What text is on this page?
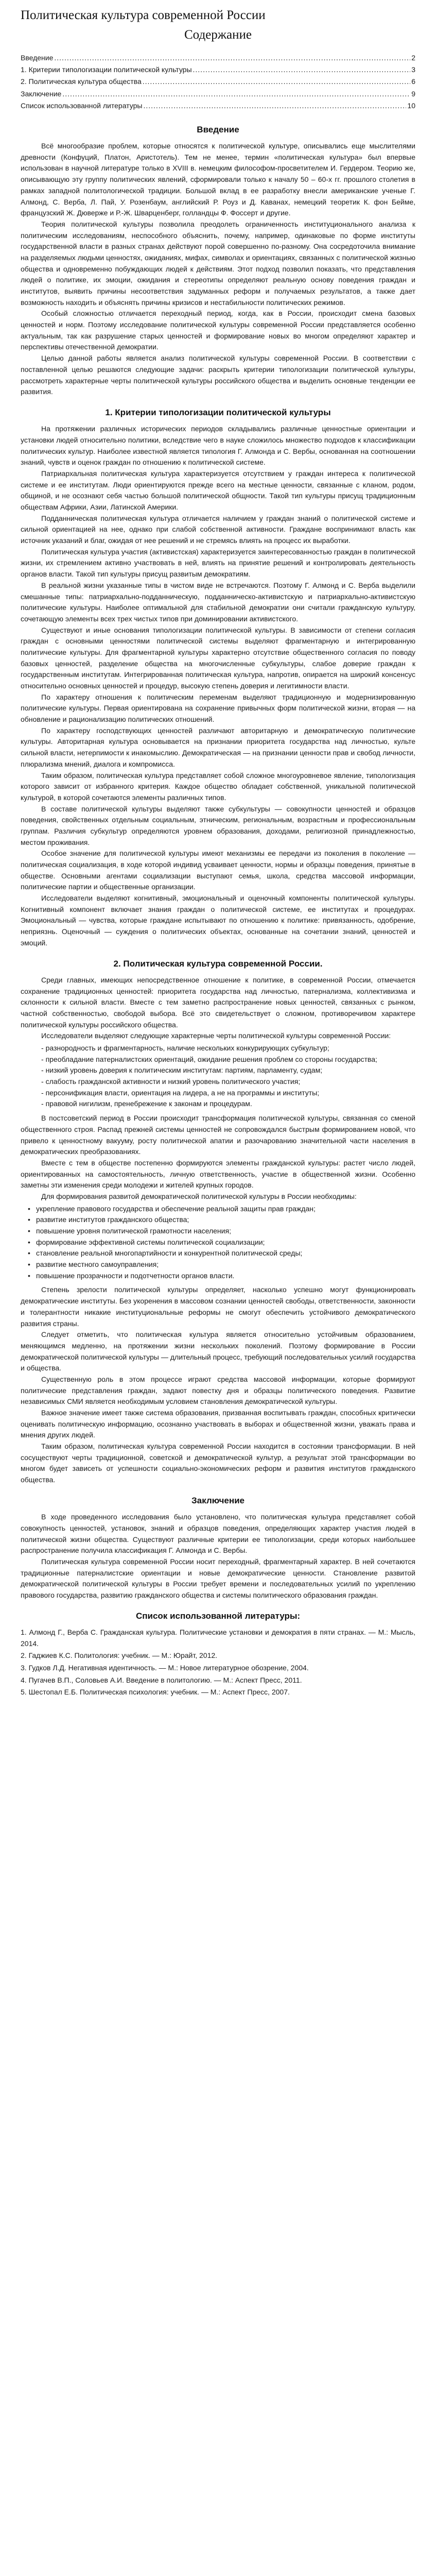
Политическая культура современной России
Содержание
Введение .....	2
1. Критерии типологизации политической культуры .....	3
2. Политическая культура общества .....	6
Заключение .....	9
Список использованной литературы .....	10
Введение

Всё многообразие проблем, которые относятся к политической культуре, описывались еще мыслителями древности (Конфуций, Платон, Аристотель). Тем не менее, термин «политическая культура» был впервые использован в научной литературе только в XVIII в. немецким философом-просветителем И. Гердером. Теорию же, описывающую эту группу политических явлений, сформировали только к началу 50 – 60-х гг. прошлого столетия в рамках западной политологической традиции. Большой вклад в ее разработку внесли американские ученые Г. Алмонд, С. Верба, Л. Пай, У. Розенбаум, английский Р. Роуз и Д. Каванах, немецкий теоретик К. фон Бейме, французский Ж. Дюверже и Р.-Ж. Шварценберг, голландцы Ф. Фоссерт и другие.

Теория политической культуры позволила преодолеть ограниченность институционального анализа к политическим исследованиям, неспособного объяснить, почему, например, одинаковые по форме институты государственной власти в разных странах действуют порой совершенно по-разному. Она сосредоточила внимание на разделяемых людьми ценностях, ожиданиях, мифах, символах и ориентациях, связанных с политической жизнью общества и одновременно побуждающих людей к действиям. Этот подход позволил показать, что представления людей о политике, их эмоции, ожидания и стереотипы определяют реальную основу поведения граждан и институтов, выявить причины несоответствия задуманных реформ и получаемых результатов, а также дает возможность находить и объяснять причины кризисов и нестабильности политических режимов.

Особый сложностью отличается переходный период, когда, как в России, происходит смена базовых ценностей и норм. Поэтому исследование политической культуры современной России представляется особенно актуальным, так как разрушение старых ценностей и формирование новых во многом определяют характер и перспективы отечественной демократии.

Целью данной работы является анализ политической культуры современной России. В соответствии с поставленной целью решаются следующие задачи: раскрыть критерии типологизации политической культуры, рассмотреть характерные черты политической культуры российского общества и выделить основные тенденции ее развития.

1. Критерии типологизации политической культуры

На протяжении различных исторических периодов складывались различные ценностные ориентации и установки людей относительно политики, вследствие чего в науке сложилось множество подходов к классификации политических культур. Наиболее известной является типология Г. Алмонда и С. Вербы, основанная на соотношении знаний, чувств и оценок граждан по отношению к политической системе.

Патриархальная политическая культура характеризуется отсутствием у граждан интереса к политической системе и ее институтам. Люди ориентируются прежде всего на местные ценности, связанные с кланом, родом, общиной, и не осознают себя частью большой политической общности. Такой тип культуры присущ традиционным обществам Африки, Азии, Латинской Америки.

Подданническая политическая культура отличается наличием у граждан знаний о политической системе и сильной ориентацией на нее, однако при слабой собственной активности. Граждане воспринимают власть как источник указаний и благ, ожидая от нее решений и не стремясь влиять на процесс их выработки.

Политическая культура участия (активистская) характеризуется заинтересованностью граждан в политической жизни, их стремлением активно участвовать в ней, влиять на принятие решений и контролировать деятельность органов власти. Такой тип культуры присущ развитым демократиям.

В реальной жизни указанные типы в чистом виде не встречаются. Поэтому Г. Алмонд и С. Верба выделили смешанные типы: патриархально-подданническую, подданническо-активистскую и патриархально-активистскую политические культуры. Наиболее оптимальной для стабильной демократии они считали гражданскую культуру, сочетающую элементы всех трех чистых типов при доминировании активистского.

Существуют и иные основания типологизации политической культуры. В зависимости от степени согласия граждан с основными ценностями политической системы выделяют фрагментарную и интегрированную политические культуры. Для фрагментарной культуры характерно отсутствие общественного согласия по поводу базовых ценностей, разделение общества на многочисленные субкультуры, слабое доверие граждан к государственным институтам. Интегрированная политическая культура, напротив, опирается на широкий консенсус относительно основных ценностей и процедур, высокую степень доверия и легитимности власти.

По характеру отношения к политическим переменам выделяют традиционную и модернизированную политические культуры. Первая ориентирована на сохранение привычных форм политической жизни, вторая — на обновление и рационализацию политических отношений.

По характеру господствующих ценностей различают авторитарную и демократическую политические культуры. Авторитарная культура основывается на признании приоритета государства над личностью, культе сильной власти, нетерпимости к инакомыслию. Демократическая — на признании ценности прав и свобод личности, плюрализма мнений, диалога и компромисса.

Таким образом, политическая культура представляет собой сложное многоуровневое явление, типологизация которого зависит от избранного критерия. Каждое общество обладает собственной, уникальной политической культурой, в которой сочетаются элементы различных типов.

В составе политической культуры выделяют также субкультуры — совокупности ценностей и образцов поведения, свойственных отдельным социальным, этническим, региональным, возрастным и профессиональным группам. Различия субкультур определяются уровнем образования, доходами, религиозной принадлежностью, местом проживания.

Особое значение для политической культуры имеют механизмы ее передачи из поколения в поколение — политическая социализация, в ходе которой индивид усваивает ценности, нормы и образцы поведения, принятые в обществе. Основными агентами социализации выступают семья, школа, средства массовой информации, политические партии и общественные организации.

Исследователи выделяют когнитивный, эмоциональный и оценочный компоненты политической культуры. Когнитивный компонент включает знания граждан о политической системе, ее институтах и процедурах. Эмоциональный — чувства, которые граждане испытывают по отношению к политике: привязанность, одобрение, неприязнь. Оценочный — суждения о политических объектах, основанные на сочетании знаний, ценностей и эмоций.

2. Политическая культура современной России.

Среди главных, имеющих непосредственное отношение к политике, в современной России, отмечается сохранение традиционных ценностей: приоритета государства над личностью, патернализма, коллективизма и склонности к сильной власти. Вместе с тем заметно распространение новых ценностей, связанных с рынком, частной собственностью, свободой выбора. Всё это свидетельствует о сложном, противоречивом характере политической культуры российского общества.

Исследователи выделяют следующие характерные черты политической культуры современной России:

- разнородность и фрагментарность, наличие нескольких конкурирующих субкультур;
- преобладание патерналистских ориентаций, ожидание решения проблем со стороны государства;
- низкий уровень доверия к политическим институтам: партиям, парламенту, судам;
- слабость гражданской активности и низкий уровень политического участия;
- персонификация власти, ориентация на лидера, а не на программы и институты;
- правовой нигилизм, пренебрежение к законам и процедурам.

В постсоветский период в России происходит трансформация политической культуры, связанная со сменой общественного строя. Распад прежней системы ценностей не сопровождался быстрым формированием новой, что привело к ценностному вакууму, росту политической апатии и разочарованию значительной части населения в демократических преобразованиях.

Вместе с тем в обществе постепенно формируются элементы гражданской культуры: растет число людей, ориентированных на самостоятельность, личную ответственность, участие в общественной жизни. Особенно заметны эти изменения среди молодежи и жителей крупных городов.

Для формирования развитой демократической политической культуры в России необходимы:

• укрепление правового государства и обеспечение реальной защиты прав граждан;
• развитие институтов гражданского общества;
• повышение уровня политической грамотности населения;
• формирование эффективной системы политической социализации;
• становление реальной многопартийности и конкурентной политической среды;
• развитие местного самоуправления;
• повышение прозрачности и подотчетности органов власти.

Степень зрелости политической культуры определяет, насколько успешно могут функционировать демократические институты. Без укоренения в массовом сознании ценностей свободы, ответственности, законности и толерантности никакие институциональные реформы не смогут обеспечить устойчивого демократического развития страны.

Следует отметить, что политическая культура является относительно устойчивым образованием, меняющимся медленно, на протяжении жизни нескольких поколений. Поэтому формирование в России демократической политической культуры — длительный процесс, требующий последовательных усилий государства и общества.

Существенную роль в этом процессе играют средства массовой информации, которые формируют политические представления граждан, задают повестку дня и образцы политического поведения. Развитие независимых СМИ является необходимым условием становления демократической культуры.

Важное значение имеет также система образования, призванная воспитывать граждан, способных критически оценивать политическую информацию, осознанно участвовать в выборах и общественной жизни, уважать права и мнения других людей.

Таким образом, политическая культура современной России находится в состоянии трансформации. В ней сосуществуют черты традиционной, советской и демократической культур, а результат этой трансформации во многом будет зависеть от успешности социально-экономических реформ и развития институтов гражданского общества.

Заключение

В ходе проведенного исследования было установлено, что политическая культура представляет собой совокупность ценностей, установок, знаний и образцов поведения, определяющих характер участия людей в политической жизни общества. Существуют различные критерии ее типологизации, среди которых наибольшее распространение получила классификация Г. Алмонда и С. Вербы.

Политическая культура современной России носит переходный, фрагментарный характер. В ней сочетаются традиционные патерналистские ориентации и новые демократические ценности. Становление развитой демократической политической культуры в России требует времени и последовательных усилий по укреплению правового государства, развитию гражданского общества и системы политического образования граждан.

Список использованной литературы:
Алмонд Г., Верба С. Гражданская культура. Политические установки и демократия в пяти странах. — М.: Мысль, 2014.
Гаджиев К.С. Политология: учебник. — М.: Юрайт, 2012.
Гудков Л.Д. Негативная идентичность. — М.: Новое литературное обозрение, 2004.
Пугачев В.П., Соловьев А.И. Введение в политологию. — М.: Аспект Пресс, 2011.
Шестопал Е.Б. Политическая психология: учебник. — М.: Аспект Пресс, 2007.
